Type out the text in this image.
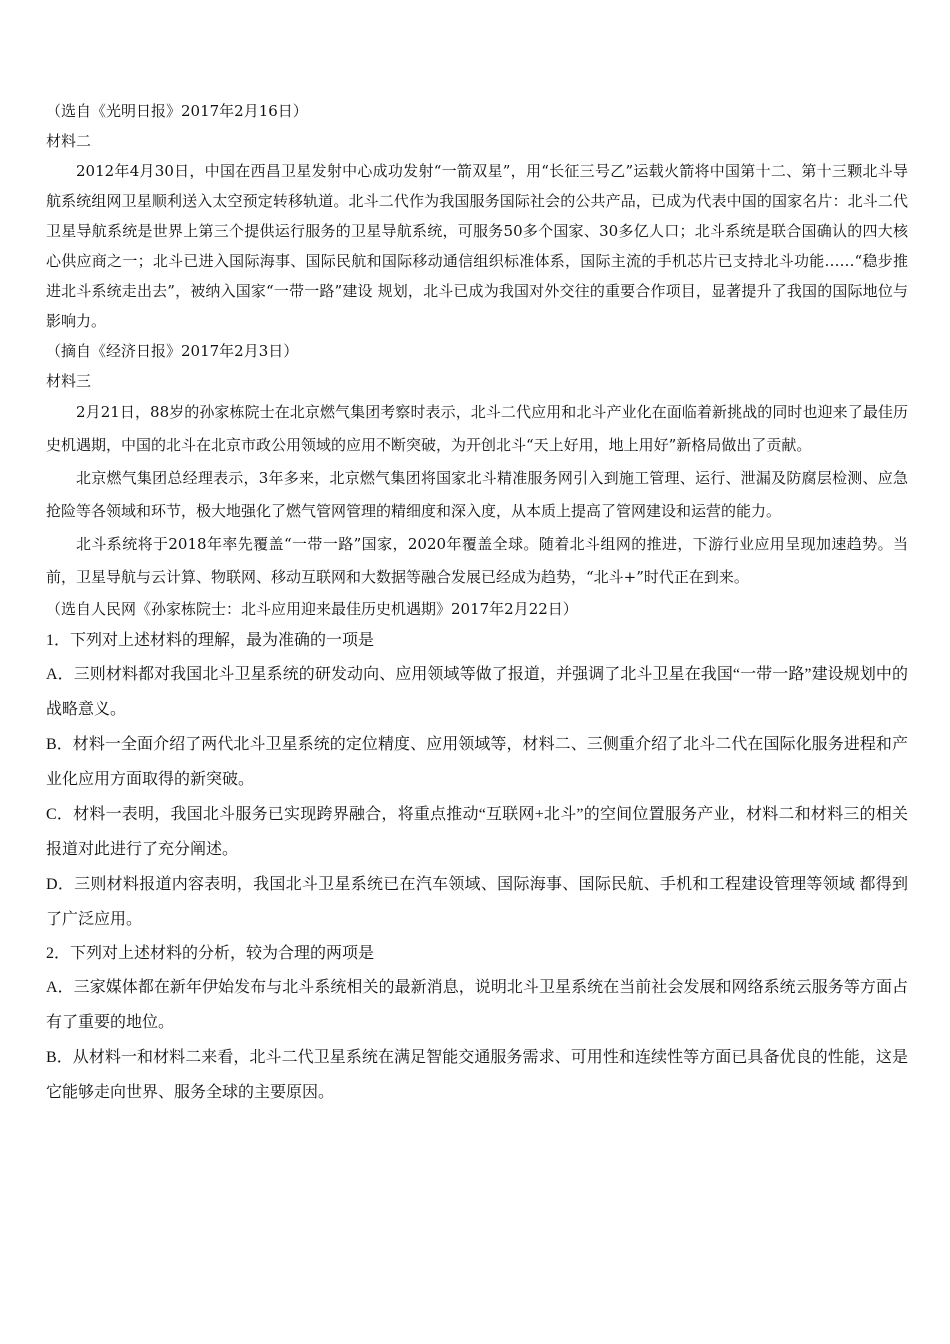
（选自《光明日报》2017年2月16日）
材料二

2012年4月30日，中国在西昌卫星发射中心成功发射“一箭双星”，用“长征三号乙”运载火箭将中国第十二、第十三颗北斗导航系统组网卫星顺利送入太空预定转移轨道。北斗二代作为我国服务国际社会的公共产品，已成为代表中国的国家名片：北斗二代卫星导航系统是世界上第三个提供运行服务的卫星导航系统，可服务50多个国家、30多亿人口；北斗系统是联合国确认的四大核心供应商之一；北斗已进入国际海事、国际民航和国际移动通信组织标准体系，国际主流的手机芯片已支持北斗功能……“稳步推进北斗系统走出去”，被纳入国家“一带一路”建设 规划，北斗已成为我国对外交往的重要合作项目，显著提升了我国的国际地位与影响力。

（摘自《经济日报》2017年2月3日）
材料三

2月21日，88岁的孙家栋院士在北京燃气集团考察时表示，北斗二代应用和北斗产业化在面临着新挑战的同时也迎来了最佳历史机遇期，中国的北斗在北京市政公用领域的应用不断突破，为开创北斗“天上好用，地上用好”新格局做出了贡献。

北京燃气集团总经理表示，3年多来，北京燃气集团将国家北斗精准服务网引入到施工管理、运行、泄漏及防腐层检测、应急抢险等各领域和环节，极大地强化了燃气管网管理的精细度和深入度，从本质上提高了管网建设和运营的能力。

北斗系统将于2018年率先覆盖“一带一路”国家，2020年覆盖全球。随着北斗组网的推进，下游行业应用呈现加速趋势。当前，卫星导航与云计算、物联网、移动互联网和大数据等融合发展已经成为趋势，“北斗+”时代正在到来。

（选自人民网《孙家栋院士：北斗应用迎来最佳历史机遇期》2017年2月22日）
1．下列对上述材料的理解，最为准确的一项是

A．三则材料都对我国北斗卫星系统的研发动向、应用领域等做了报道，并强调了北斗卫星在我国“一带一路”建设规划中的战略意义。

B．材料一全面介绍了两代北斗卫星系统的定位精度、应用领域等，材料二、三侧重介绍了北斗二代在国际化服务进程和产业化应用方面取得的新突破。

C．材料一表明，我国北斗服务已实现跨界融合，将重点推动“互联网+北斗”的空间位置服务产业，材料二和材料三的相关报道对此进行了充分阐述。

D．三则材料报道内容表明，我国北斗卫星系统已在汽车领域、国际海事、国际民航、手机和工程建设管理等领域 都得到了广泛应用。

2．下列对上述材料的分析，较为合理的两项是

A．三家媒体都在新年伊始发布与北斗系统相关的最新消息，说明北斗卫星系统在当前社会发展和网络系统云服务等方面占有了重要的地位。

B．从材料一和材料二来看，北斗二代卫星系统在满足智能交通服务需求、可用性和连续性等方面已具备优良的性能，这是它能够走向世界、服务全球的主要原因。
